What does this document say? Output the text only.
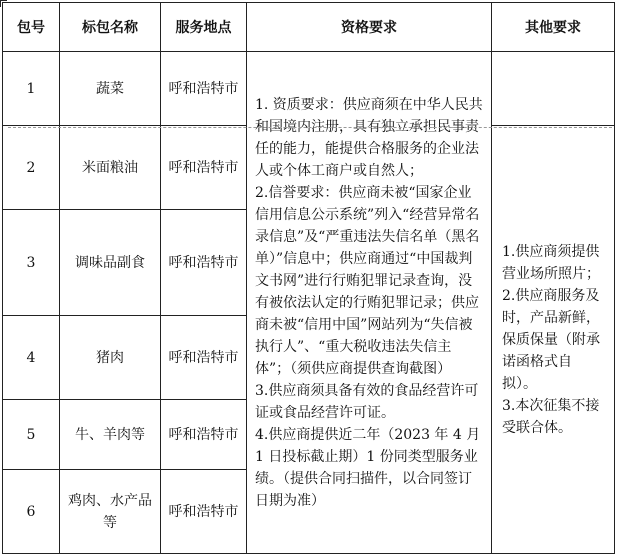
包号	标包名称	服务地点	资格要求	其他要求
1	蔬菜	呼和浩特市	1. 资质要求：供应商须在中华人民共和国境内注册，具有独立承担民事责任的能力，能提供合格服务的企业法人或个体工商户或自然人；

2.信誉要求：供应商未被“国家企业信用信息公示系统”列入“经营异常名录信息”及“严重违法失信名单（黑名单）”信息中；供应商通过“中国裁判文书网”进行行贿犯罪记录查询，没有被依法认定的行贿犯罪记录；供应商未被“信用中国”网站列为“失信被执行人”、“重大税收违法失信主体”；（须供应商提供查询截图）

3.供应商须具备有效的食品经营许可证或食品经营许可证。

4.供应商提供近二年（2023 年 4 月 1 日投标截止期）1 份同类型服务业绩。（提供合同扫描件，以合同签订日期为准）	

2	米面粮油	呼和浩特市		1.供应商须提供营业场所照片；

2.供应商服务及时，产品新鲜，保质保量（附承诺函格式自拟）。

3.本次征集不接受联合体。

3	调味品副食	呼和浩特市		
4	猪肉	呼和浩特市		
5	牛、羊肉等	呼和浩特市		
6	鸡肉、水产品等	呼和浩特市		
